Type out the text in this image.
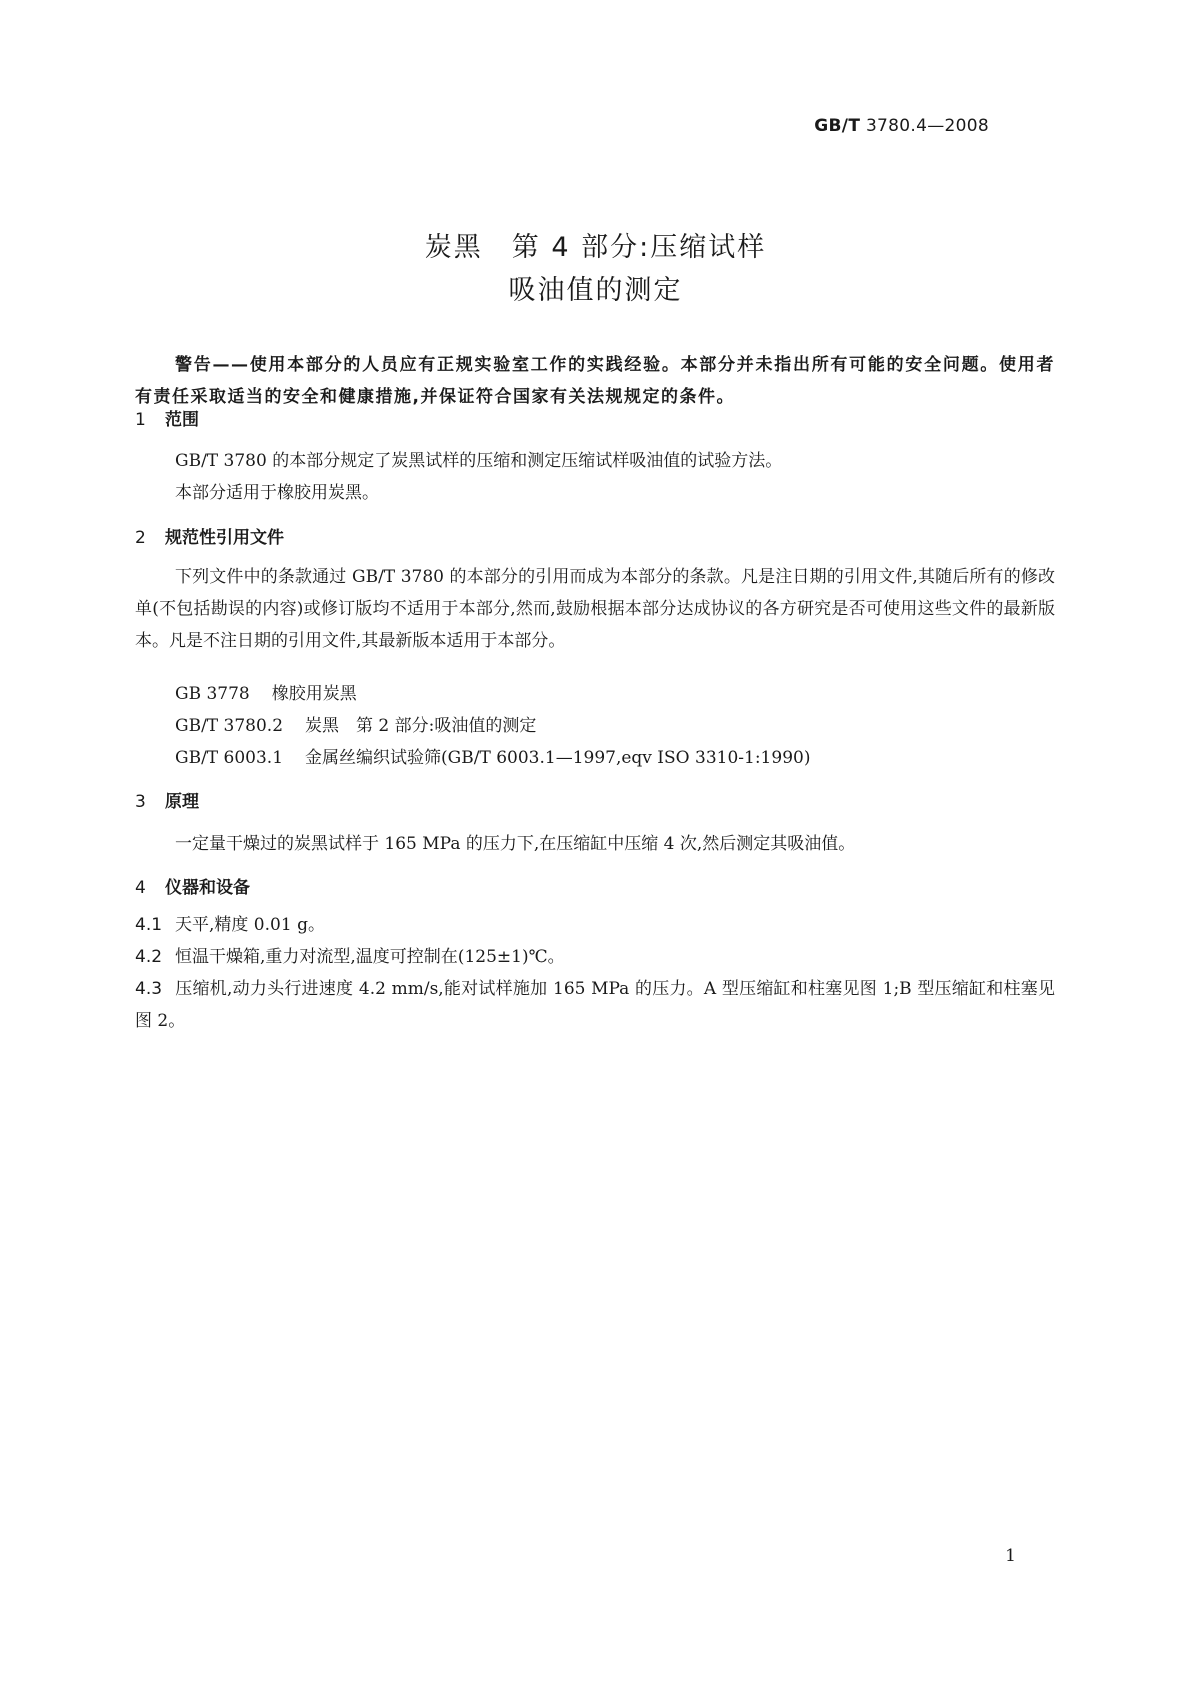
GB/T 3780.4—2008
炭黑　第 4 部分:压缩试样
吸油值的测定
警告——使用本部分的人员应有正规实验室工作的实践经验。本部分并未指出所有可能的安全问题。使用者有责任采取适当的安全和健康措施,并保证符合国家有关法规规定的条件。
1 范围
GB/T 3780 的本部分规定了炭黑试样的压缩和测定压缩试样吸油值的试验方法。
本部分适用于橡胶用炭黑。
2 规范性引用文件
下列文件中的条款通过 GB/T 3780 的本部分的引用而成为本部分的条款。凡是注日期的引用文件,其随后所有的修改单(不包括勘误的内容)或修订版均不适用于本部分,然而,鼓励根据本部分达成协议的各方研究是否可使用这些文件的最新版本。凡是不注日期的引用文件,其最新版本适用于本部分。
GB 3778 橡胶用炭黑
GB/T 3780.2 炭黑　第 2 部分:吸油值的测定
GB/T 6003.1 金属丝编织试验筛(GB/T 6003.1—1997,eqv ISO 3310-1:1990)
3 原理
一定量干燥过的炭黑试样于 165 MPa 的压力下,在压缩缸中压缩 4 次,然后测定其吸油值。
4 仪器和设备
4.1 天平,精度 0.01 g。
4.2 恒温干燥箱,重力对流型,温度可控制在(125±1)℃。
4.3 压缩机,动力头行进速度 4.2 mm/s,能对试样施加 165 MPa 的压力。A 型压缩缸和柱塞见图 1;B 型压缩缸和柱塞见图 2。
1
